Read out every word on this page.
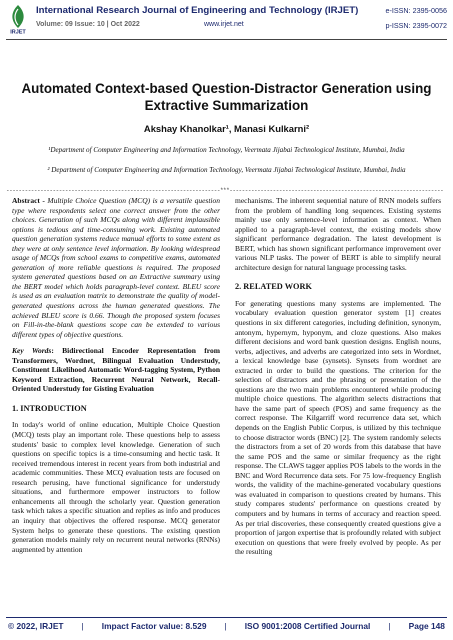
IRJET
International Research Journal of Engineering and Technology (IRJET)	e-ISSN: 2395-0056
Volume: 09 Issue: 10 | Oct 2022	www.irjet.net	p-ISSN: 2395-0072
Automated Context-based Question-Distractor Generation using Extractive Summarization
Akshay Khanolkar¹, Manasi Kulkarni²
¹Department of Computer Engineering and Information Technology, Veermata Jijabai Technological Institute, Mumbai, India
² Department of Computer Engineering and Information Technology, Veermata Jijabai Technological Institute, Mumbai, India
---------------------------------------------------------------------***---------------------------------------------------------------------

Abstract - Multiple Choice Question (MCQ) is a versatile question type where respondents select one correct answer from the other choices. Generation of such MCQs along with different implausible options is tedious and time-consuming work. Existing automated question generation systems reduce manual efforts to some extent as they were at only sentence level information. By looking widespread usage of MCQs from school exams to competitive exams, automated generation of more reliable questions is required. The proposed system generated questions based on an Extractive summary using the BERT model which holds paragraph-level context. BLEU score is used as an evaluation matrix to demonstrate the quality of model-generated questions across the human generated questions. The achieved BLEU score is 0.66. Though the proposed system focuses on Fill-in-the-blank questions scope can be extended to various different types of objective questions.

Key Words: Bidirectional Encoder Representation from Transformers, Wordnet, Bilingual Evaluation Understudy, Constituent Likelihood Automatic Word-tagging System, Python Keyword Extraction, Recurrent Neural Network, Recall-Oriented Understudy for Gisting Evaluation

1. INTRODUCTION

In today's world of online education, Multiple Choice Question (MCQ) tests play an important role. These questions help to assess students' basic to complex level knowledge. Generation of such questions on specific topics is a time-consuming and hectic task. It received tremendous interest in recent years from both industrial and academic communities. These MCQ evaluation tests are focused on research perusing, have functional significance for understudy situations, and furthermore empower instructors to follow enhancements all through the scholarly year. Question generation task which takes a specific situation and replies as info and produces an inquiry that objectives the offered response. MCQ generator System helps to generate these questions. The existing question generation models mainly rely on recurrent neural networks (RNNs) augmented by attention

mechanisms. The inherent sequential nature of RNN models suffers from the problem of handling long sequences. Existing systems mainly use only sentence-level information as context. When applied to a paragraph-level context, the existing models show significant performance degradation. The latest development is BERT, which has shown significant performance improvement over various NLP tasks. The power of BERT is able to simplify neural architecture design for natural language processing tasks.

2. RELATED WORK

For generating questions many systems are implemented. The vocabulary evaluation question generator system [1] creates questions in six different categories, including definition, synonym, antonym, hypernym, hyponym, and cloze questions. Also makes different decisions and word bank question designs. English nouns, verbs, adjectives, and adverbs are categorized into sets in Wordnet, a lexical knowledge base (synsets). Synsets from wordnet are extracted in order to build the questions. The criterion for the selection of distractors and the phrasing or presentation of the questions are the two main problems encountered while producing multiple choice questions. The algorithm selects distractions that have the same part of speech (POS) and same frequency as the correct response. The Kilgarriff word recurrence data set, which depends on the English Public Corpus, is utilized by this technique to choose distractor words (BNC) [2]. The system randomly selects the distractors from a set of 20 words from this database that have the same POS and the same or similar frequency as the right response. The CLAWS tagger applies POS labels to the words in the BNC and Word Recurrence data sets. For 75 low-frequency English words, the validity of the machine-generated vocabulary questions was evaluated in comparison to questions created by humans. This study compares students' performance on questions created by computers and by humans in terms of accuracy and reaction speed. As per trial discoveries, these consequently created questions give a proportion of jargon expertise that is profoundly related with subject execution on questions that were freely evolved by people. As per the resulting

© 2022, IRJET | Impact Factor value: 8.529 | ISO 9001:2008 Certified Journal | Page 148
